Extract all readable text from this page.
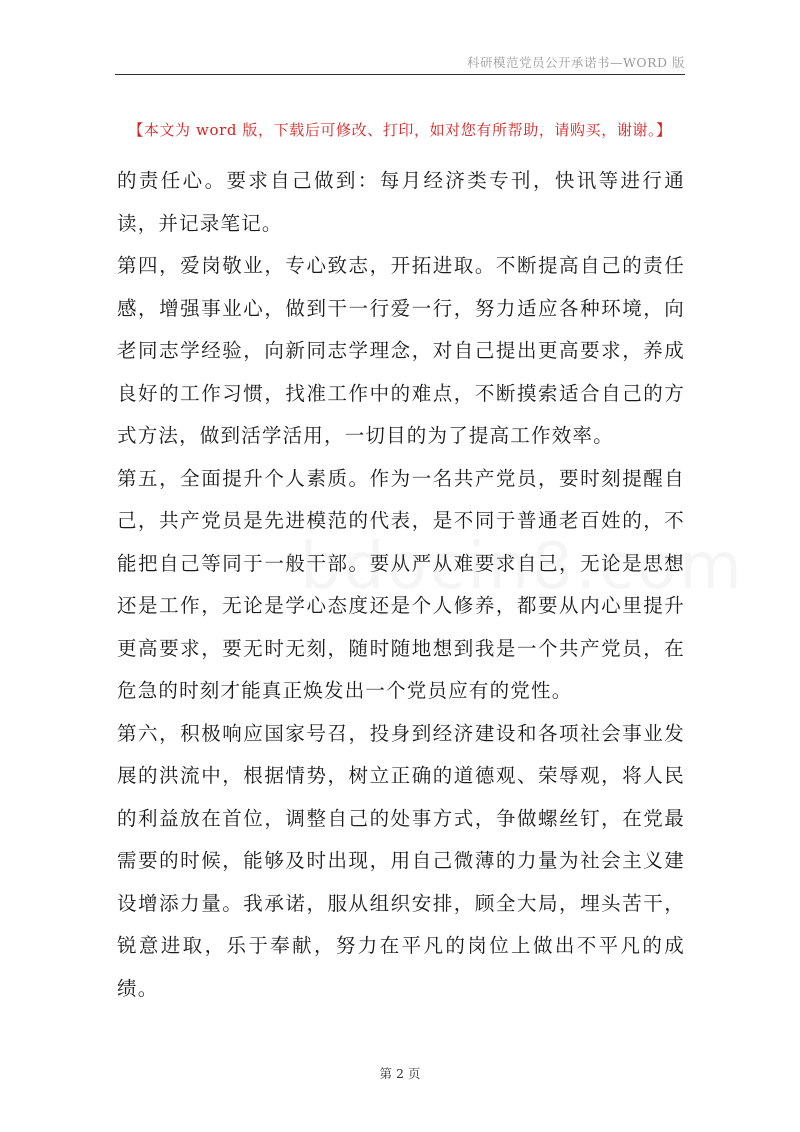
科研模范党员公开承诺书—WORD 版
【本文为 word 版，下载后可修改、打印，如对您有所帮助，请购买，谢谢。】

的责任心。要求自己做到：每月经济类专刊，快讯等进行通读，并记录笔记。

第四，爱岗敬业，专心致志，开拓进取。不断提高自己的责任感，增强事业心，做到干一行爱一行，努力适应各种环境，向老同志学经验，向新同志学理念，对自己提出更高要求，养成良好的工作习惯，找准工作中的难点，不断摸索适合自己的方式方法，做到活学活用，一切目的为了提高工作效率。

第五，全面提升个人素质。作为一名共产党员，要时刻提醒自己，共产党员是先进模范的代表，是不同于普通老百姓的，不能把自己等同于一般干部。要从严从难要求自己，无论是思想还是工作，无论是学心态度还是个人修养，都要从内心里提升更高要求，要无时无刻，随时随地想到我是一个共产党员，在危急的时刻才能真正焕发出一个党员应有的党性。

第六，积极响应国家号召，投身到经济建设和各项社会事业发展的洪流中，根据情势，树立正确的道德观、荣辱观，将人民的利益放在首位，调整自己的处事方式，争做螺丝钉，在党最需要的时候，能够及时出现，用自己微薄的力量为社会主义建设增添力量。我承诺，服从组织安排，顾全大局，埋头苦干，锐意进取，乐于奉献，努力在平凡的岗位上做出不平凡的成绩。

第 2 页
